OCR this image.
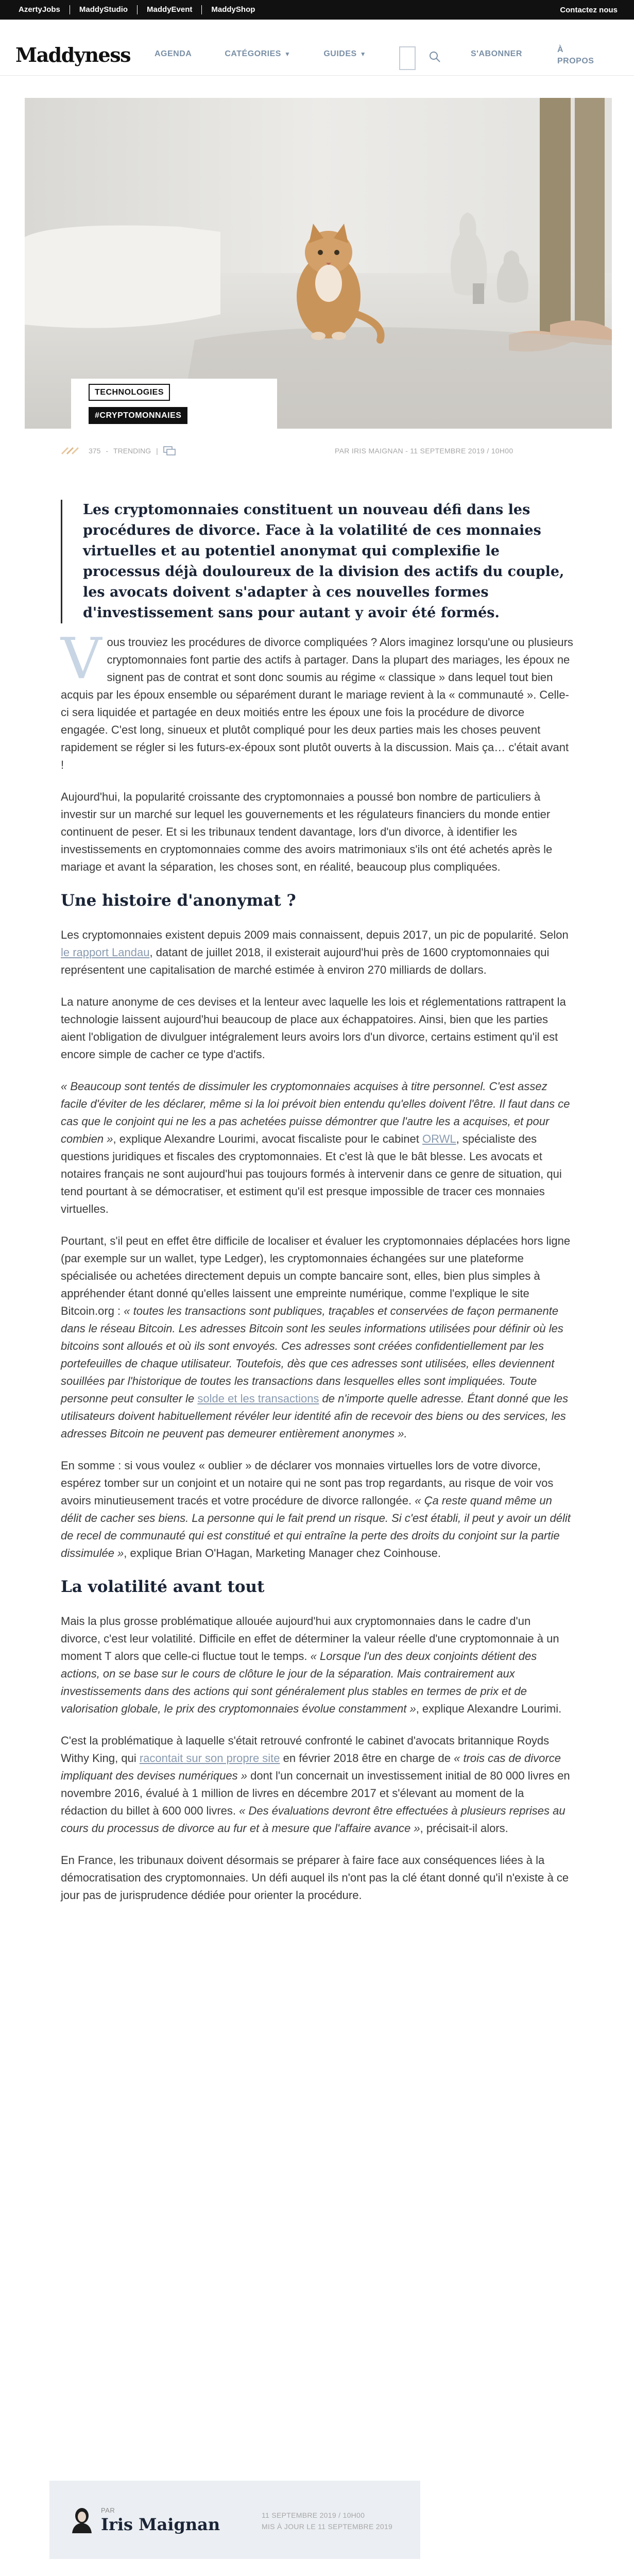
AzertyJobs	MaddyStudio	MaddyEvent	MaddyShop	Contactez nous
Maddyness	AGENDA	CATÉGORIES ▼	GUIDES ▼	S'ABONNER	À
PROPOS
TECHNOLOGIES
#CRYPTOMONNAIES
375 - TRENDING |	PAR IRIS MAIGNAN - 11 SEPTEMBRE 2019 / 10H00
Les cryptomonnaies constituent un nouveau défi dans les procédures de divorce. Face à la volatilité de ces monnaies virtuelles et au potentiel anonymat qui complexifie le processus déjà douloureux de la division des actifs du couple, les avocats doivent s'adapter à ces nouvelles formes d'investissement sans pour autant y avoir été formés.

Vous trouviez les procédures de divorce compliquées ? Alors imaginez lorsqu'une ou plusieurs cryptomonnaies font partie des actifs à partager. Dans la plupart des mariages, les époux ne signent pas de contrat et sont donc soumis au régime « classique » dans lequel tout bien acquis par les époux ensemble ou séparément durant le mariage revient à la « communauté ». Celle-ci sera liquidée et partagée en deux moitiés entre les époux une fois la procédure de divorce engagée. C'est long, sinueux et plutôt compliqué pour les deux parties mais les choses peuvent rapidement se régler si les futurs-ex-époux sont plutôt ouverts à la discussion. Mais ça… c'était avant !

Aujourd'hui, la popularité croissante des cryptomonnaies a poussé bon nombre de particuliers à investir sur un marché sur lequel les gouvernements et les régulateurs financiers du monde entier continuent de peser. Et si les tribunaux tendent davantage, lors d'un divorce, à identifier les investissements en cryptomonnaies comme des avoirs matrimoniaux s'ils ont été achetés après le mariage et avant la séparation, les choses sont, en réalité, beaucoup plus compliquées.

Une histoire d'anonymat ?

Les cryptomonnaies existent depuis 2009 mais connaissent, depuis 2017, un pic de popularité. Selon le rapport Landau, datant de juillet 2018, il existerait aujourd'hui près de 1600 cryptomonnaies qui représentent une capitalisation de marché estimée à environ 270 milliards de dollars.

La nature anonyme de ces devises et la lenteur avec laquelle les lois et réglementations rattrapent la technologie laissent aujourd'hui beaucoup de place aux échappatoires. Ainsi, bien que les parties aient l'obligation de divulguer intégralement leurs avoirs lors d'un divorce, certains estiment qu'il est encore simple de cacher ce type d'actifs.

« Beaucoup sont tentés de dissimuler les cryptomonnaies acquises à titre personnel. C'est assez facile d'éviter de les déclarer, même si la loi prévoit bien entendu qu'elles doivent l'être. Il faut dans ce cas que le conjoint qui ne les a pas achetées puisse démontrer que l'autre les a acquises, et pour combien », explique Alexandre Lourimi, avocat fiscaliste pour le cabinet ORWL, spécialiste des questions juridiques et fiscales des cryptomonnaies. Et c'est là que le bât blesse. Les avocats et notaires français ne sont aujourd'hui pas toujours formés à intervenir dans ce genre de situation, qui tend pourtant à se démocratiser, et estiment qu'il est presque impossible de tracer ces monnaies virtuelles.

Pourtant, s'il peut en effet être difficile de localiser et évaluer les cryptomonnaies déplacées hors ligne (par exemple sur un wallet, type Ledger), les cryptomonnaies échangées sur une plateforme spécialisée ou achetées directement depuis un compte bancaire sont, elles, bien plus simples à appréhender étant donné qu'elles laissent une empreinte numérique, comme l'explique le site Bitcoin.org : « toutes les transactions sont publiques, traçables et conservées de façon permanente dans le réseau Bitcoin. Les adresses Bitcoin sont les seules informations utilisées pour définir où les bitcoins sont alloués et où ils sont envoyés. Ces adresses sont créées confidentiellement par les portefeuilles de chaque utilisateur. Toutefois, dès que ces adresses sont utilisées, elles deviennent souillées par l'historique de toutes les transactions dans lesquelles elles sont impliquées. Toute personne peut consulter le solde et les transactions de n'importe quelle adresse. Étant donné que les utilisateurs doivent habituellement révéler leur identité afin de recevoir des biens ou des services, les adresses Bitcoin ne peuvent pas demeurer entièrement anonymes ».

En somme : si vous voulez « oublier » de déclarer vos monnaies virtuelles lors de votre divorce, espérez tomber sur un conjoint et un notaire qui ne sont pas trop regardants, au risque de voir vos avoirs minutieusement tracés et votre procédure de divorce rallongée. « Ça reste quand même un délit de cacher ses biens. La personne qui le fait prend un risque. Si c'est établi, il peut y avoir un délit de recel de communauté qui est constitué et qui entraîne la perte des droits du conjoint sur la partie dissimulée », explique Brian O'Hagan, Marketing Manager chez Coinhouse.

La volatilité avant tout

Mais la plus grosse problématique allouée aujourd'hui aux cryptomonnaies dans le cadre d'un divorce, c'est leur volatilité. Difficile en effet de déterminer la valeur réelle d'une cryptomonnaie à un moment T alors que celle-ci fluctue tout le temps. « Lorsque l'un des deux conjoints détient des actions, on se base sur le cours de clôture le jour de la séparation. Mais contrairement aux investissements dans des actions qui sont généralement plus stables en termes de prix et de valorisation globale, le prix des cryptomonnaies évolue constamment », explique Alexandre Lourimi.

C'est la problématique à laquelle s'était retrouvé confronté le cabinet d'avocats britannique Royds Withy King, qui racontait sur son propre site en février 2018 être en charge de « trois cas de divorce impliquant des devises numériques » dont l'un concernait un investissement initial de 80 000 livres en novembre 2016, évalué à 1 million de livres en décembre 2017 et s'élevant au moment de la rédaction du billet à 600 000 livres. « Des évaluations devront être effectuées à plusieurs reprises au cours du processus de divorce au fur et à mesure que l'affaire avance », précisait-il alors.

En France, les tribunaux doivent désormais se préparer à faire face aux conséquences liées à la démocratisation des cryptomonnaies. Un défi auquel ils n'ont pas la clé étant donné qu'il n'existe à ce jour pas de jurisprudence dédiée pour orienter la procédure.

PAR
Iris Maignan	11 SEPTEMBRE 2019 / 10H00
MIS À JOUR LE 11 SEPTEMBRE 2019
